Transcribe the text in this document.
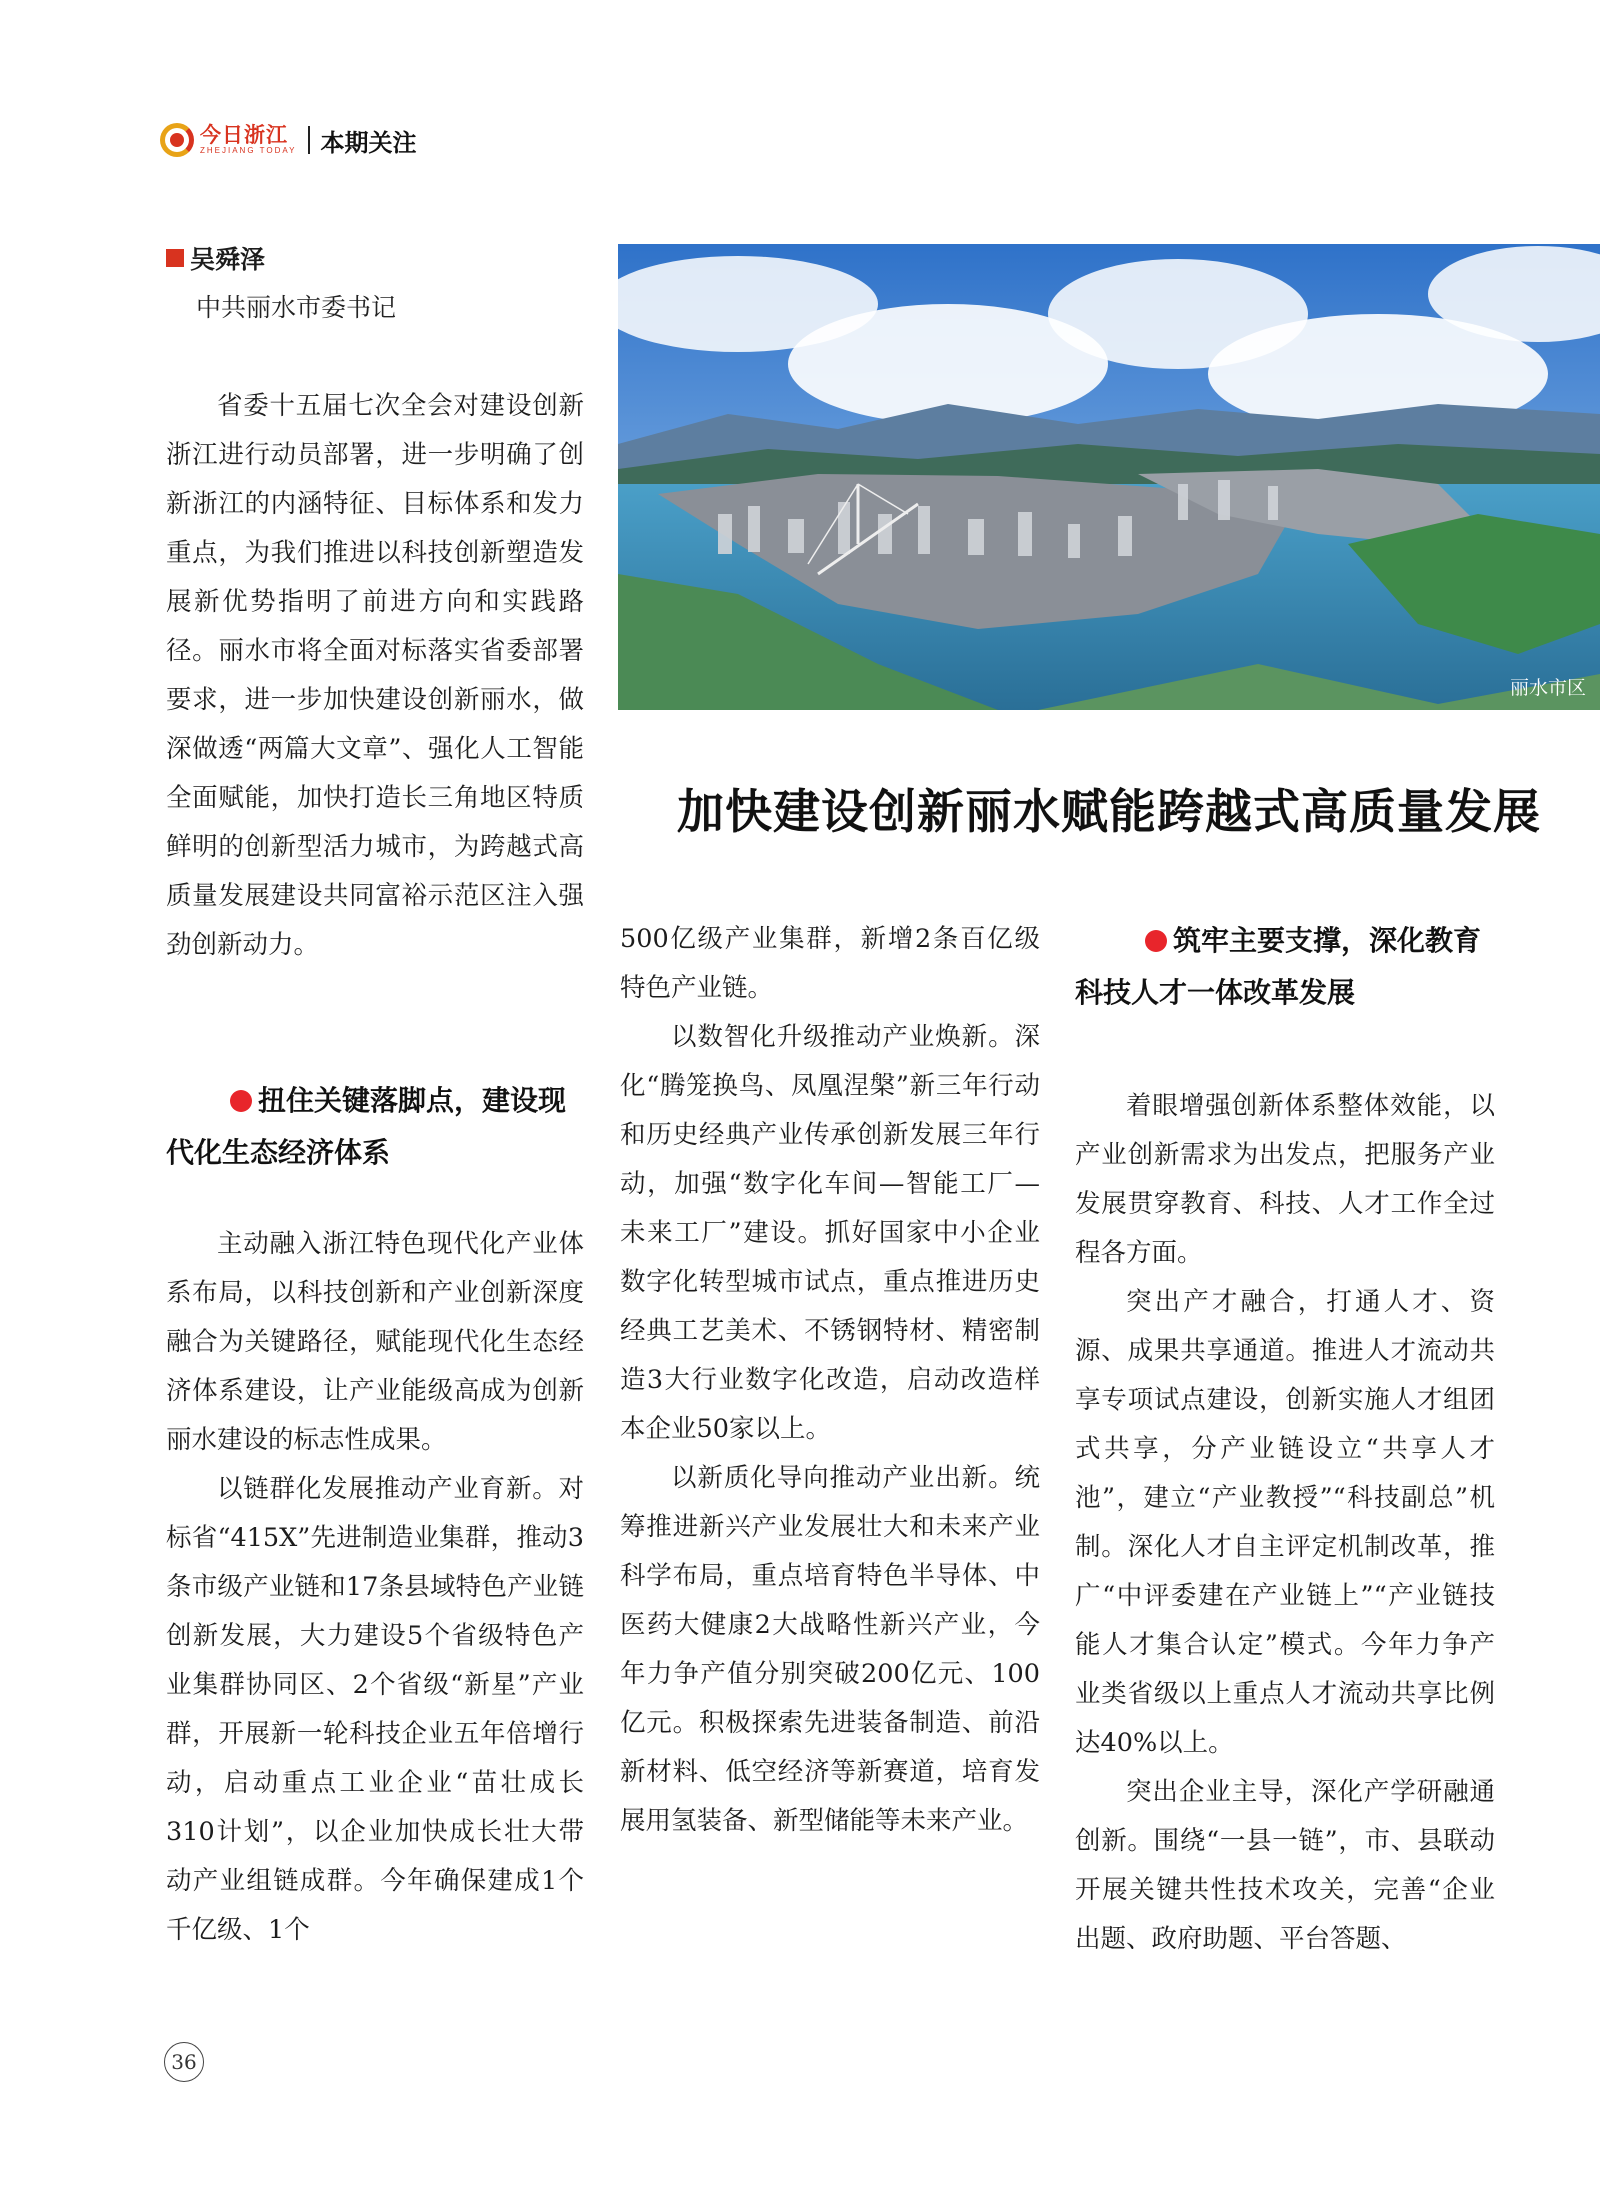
今日浙江
ZHEJIANG TODAY 本期关注
吴舜泽
中共丽水市委书记
丽水市区
加快建设创新丽水赋能跨越式高质量发展

省委十五届七次全会对建设创新浙江进行动员部署，进一步明确了创新浙江的内涵特征、目标体系和发力重点，为我们推进以科技创新塑造发展新优势指明了前进方向和实践路径。丽水市将全面对标落实省委部署要求，进一步加快建设创新丽水，做深做透“两篇大文章”、强化人工智能全面赋能，加快打造长三角地区特质鲜明的创新型活力城市，为跨越式高质量发展建设共同富裕示范区注入强劲创新动力。

扭住关键落脚点，建设现代化生态经济体系

主动融入浙江特色现代化产业体系布局，以科技创新和产业创新深度融合为关键路径，赋能现代化生态经济体系建设，让产业能级高成为创新丽水建设的标志性成果。

以链群化发展推动产业育新。对标省“415X”先进制造业集群，推动3条市级产业链和17条县域特色产业链创新发展，大力建设5个省级特色产业集群协同区、2个省级“新星”产业群，开展新一轮科技企业五年倍增行动，启动重点工业企业“苗壮成长310计划”，以企业加快成长壮大带动产业组链成群。今年确保建成1个千亿级、1个

500亿级产业集群，新增2条百亿级特色产业链。

以数智化升级推动产业焕新。深化“腾笼换鸟、凤凰涅槃”新三年行动和历史经典产业传承创新发展三年行动，加强“数字化车间—智能工厂—未来工厂”建设。抓好国家中小企业数字化转型城市试点，重点推进历史经典工艺美术、不锈钢特材、精密制造3大行业数字化改造，启动改造样本企业50家以上。

以新质化导向推动产业出新。统筹推进新兴产业发展壮大和未来产业科学布局，重点培育特色半导体、中医药大健康2大战略性新兴产业，今年力争产值分别突破200亿元、100亿元。积极探索先进装备制造、前沿新材料、低空经济等新赛道，培育发展用氢装备、新型储能等未来产业。

筑牢主要支撑，深化教育科技人才一体改革发展

着眼增强创新体系整体效能，以产业创新需求为出发点，把服务产业发展贯穿教育、科技、人才工作全过程各方面。

突出产才融合，打通人才、资源、成果共享通道。推进人才流动共享专项试点建设，创新实施人才组团式共享，分产业链设立“共享人才池”，建立“产业教授”“科技副总”机制。深化人才自主评定机制改革，推广“中评委建在产业链上”“产业链技能人才集合认定”模式。今年力争产业类省级以上重点人才流动共享比例达40%以上。

突出企业主导，深化产学研融通创新。围绕“一县一链”，市、县联动开展关键共性技术攻关，完善“企业出题、政府助题、平台答题、

36
